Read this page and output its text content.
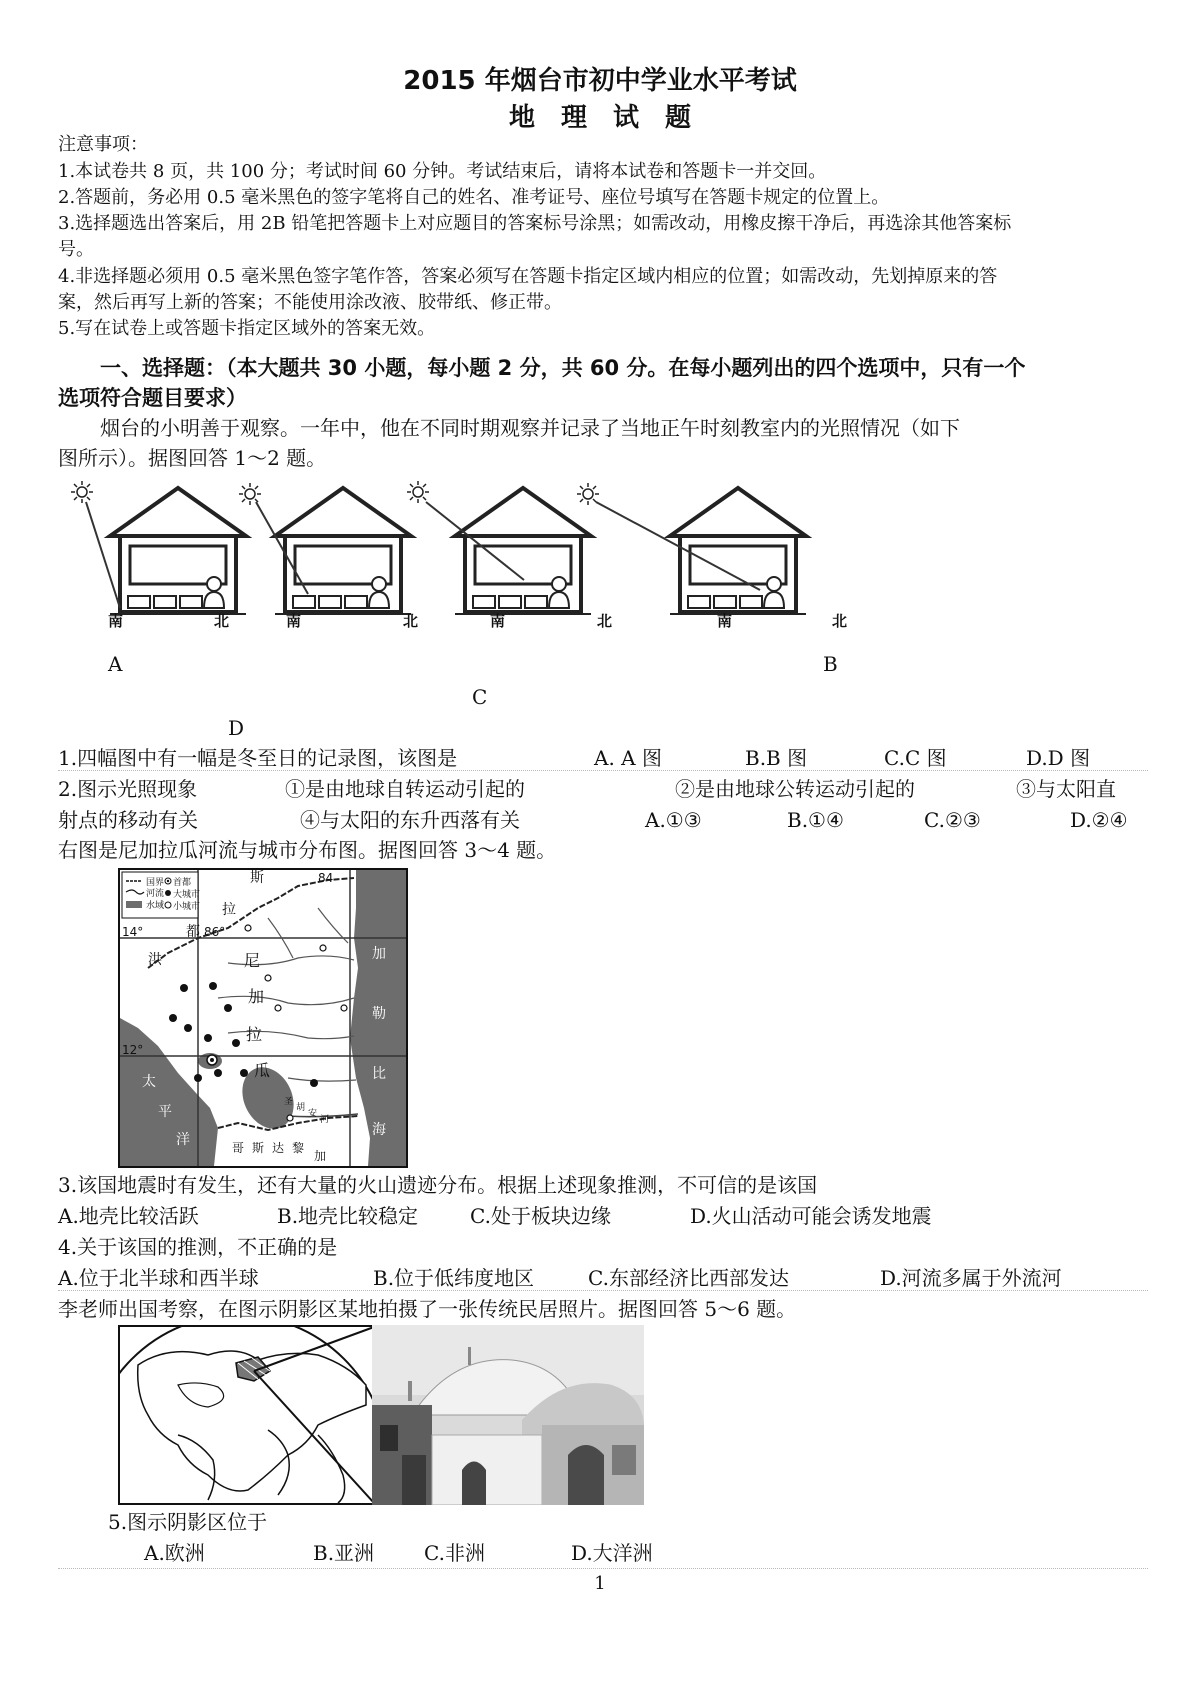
2015 年烟台市初中学业水平考试
地　理　试　题
注意事项：
1.本试卷共 8 页，共 100 分；考试时间 60 分钟。考试结束后，请将本试卷和答题卡一并交回。
2.答题前，务必用 0.5 毫米黑色的签字笔将自己的姓名、准考证号、座位号填写在答题卡规定的位置上。
3.选择题选出答案后，用 2B 铅笔把答题卡上对应题目的答案标号涂黑；如需改动，用橡皮擦干净后，再选涂其他答案标
号。
4.非选择题必须用 0.5 毫米黑色签字笔作答，答案必须写在答题卡指定区域内相应的位置；如需改动，先划掉原来的答
案，然后再写上新的答案；不能使用涂改液、胶带纸、修正带。
5.写在试卷上或答题卡指定区域外的答案无效。
一、选择题：（本大题共 30 小题，每小题 2 分，共 60 分。在每小题列出的四个选项中，只有一个
选项符合题目要求）
烟台的小明善于观察。一年中，他在不同时期观察并记录了当地正午时刻教室内的光照情况（如下
图所示）。据图回答 1～2 题。
南	北	南	北	南	北	南	北
A	B
C
D
1.四幅图中有一幅是冬至日的记录图，该图是	A. A 图	B.B 图	C.C 图	D.D 图
2.图示光照现象	①是由地球自转运动引起的	②是由地球公转运动引起的	③与太阳直
射点的移动有关	④与太阳的东升西落有关	A.①③	B.①④	C.②③	D.②④
右图是尼加拉瓜河流与城市分布图。据图回答 3～4 题。
国界
河流
水域
首都
大城市
小城市
84
86°
14°
12°
洪
都
斯
拉
尼
加
拉
瓜
加
勒
比
海
太
平
洋	哥 斯 达 黎
加
圣
胡
安
河
3.该国地震时有发生，还有大量的火山遗迹分布。根据上述现象推测，不可信的是该国
A.地壳比较活跃	B.地壳比较稳定	C.处于板块边缘	D.火山活动可能会诱发地震
4.关于该国的推测，不正确的是
A.位于北半球和西半球	B.位于低纬度地区	C.东部经济比西部发达	D.河流多属于外流河
李老师出国考察，在图示阴影区某地拍摄了一张传统民居照片。据图回答 5～6 题。
5.图示阴影区位于
A.欧洲	B.亚洲 C.非洲	D.大洋洲
1
